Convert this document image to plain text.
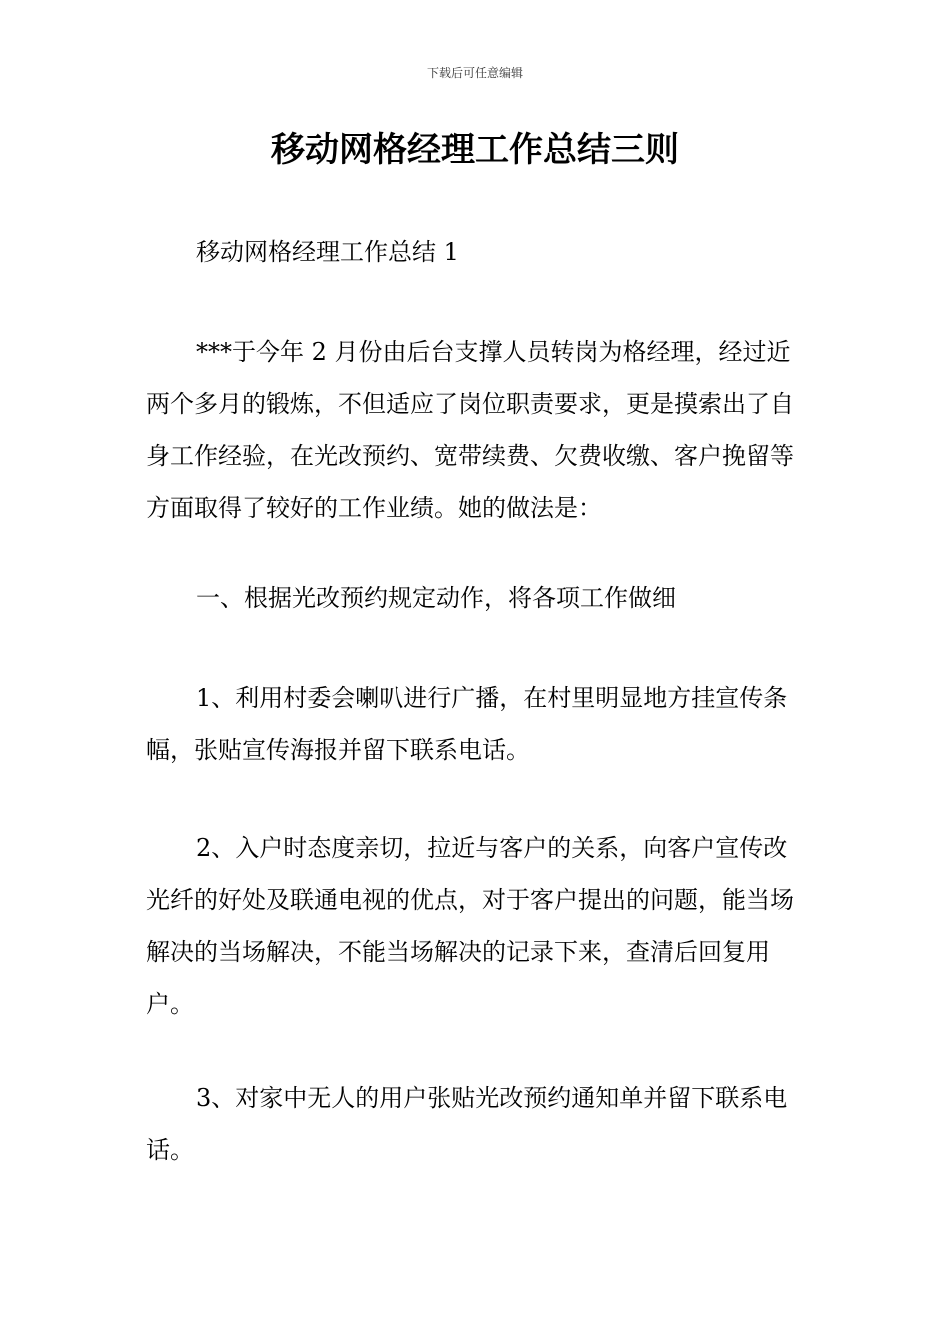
下载后可任意编辑
移动网格经理工作总结三则

移动网格经理工作总结 1

***于今年 2 月份由后台支撑人员转岗为格经理，经过近两个多月的锻炼，不但适应了岗位职责要求，更是摸索出了自身工作经验，在光改预约、宽带续费、欠费收缴、客户挽留等方面取得了较好的工作业绩。她的做法是：

一、根据光改预约规定动作，将各项工作做细

1、利用村委会喇叭进行广播，在村里明显地方挂宣传条幅，张贴宣传海报并留下联系电话。

2、入户时态度亲切，拉近与客户的关系，向客户宣传改光纤的好处及联通电视的优点，对于客户提出的问题，能当场解决的当场解决，不能当场解决的记录下来，查清后回复用户。

3、对家中无人的用户张贴光改预约通知单并留下联系电话。
